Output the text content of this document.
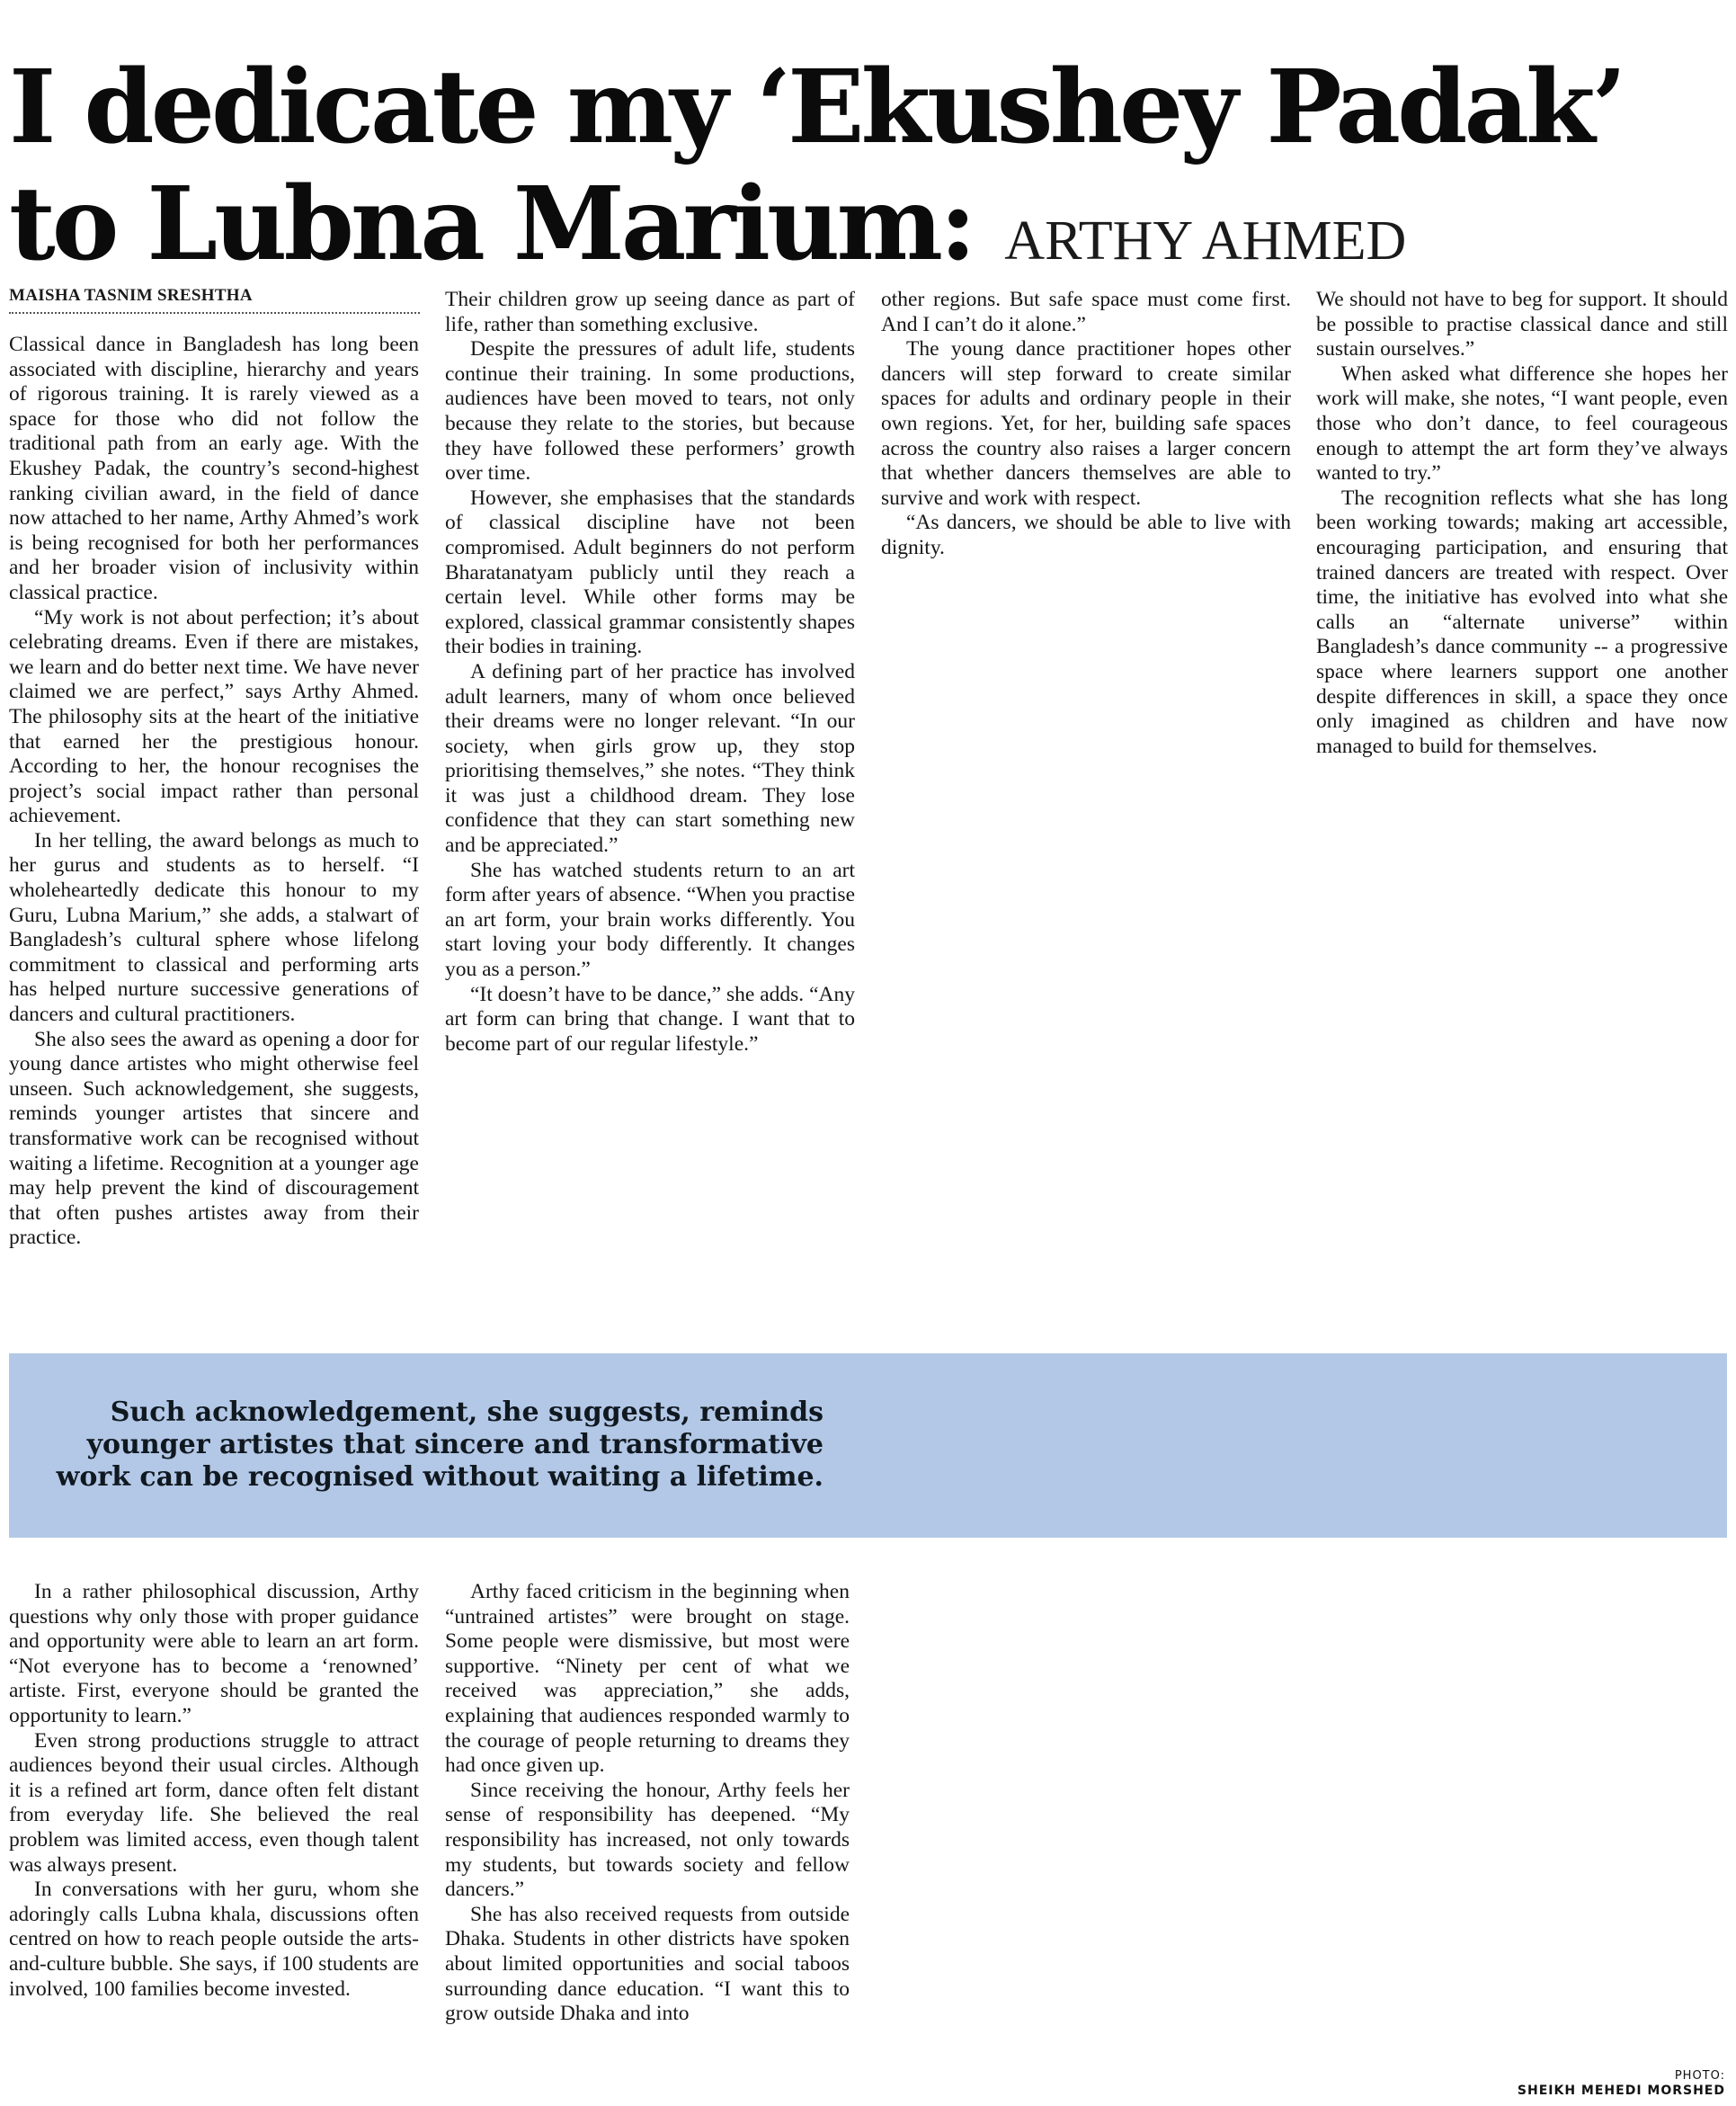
I dedicate my ‘Ekushey Padak’
to Lubna Marium: ARTHY AHMED
MAISHA TASNIM SRESHTHA

Classical dance in Bangladesh has long been associated with discipline, hierarchy and years of rigorous training. It is rarely viewed as a space for those who did not follow the traditional path from an early age. With the Ekushey Padak, the country’s second-highest ranking civilian award, in the field of dance now attached to her name, Arthy Ahmed’s work is being recognised for both her performances and her broader vision of inclusivity within classical practice.

“My work is not about perfection; it’s about celebrating dreams. Even if there are mistakes, we learn and do better next time. We have never claimed we are perfect,” says Arthy Ahmed. The philosophy sits at the heart of the initiative that earned her the prestigious honour. According to her, the honour recognises the project’s social impact rather than personal achievement.

In her telling, the award belongs as much to her gurus and students as to herself. “I wholeheartedly dedicate this honour to my Guru, Lubna Marium,” she adds, a stalwart of Bangladesh’s cultural sphere whose lifelong commitment to classical and performing arts has helped nurture successive generations of dancers and cultural practitioners.

She also sees the award as opening a door for young dance artistes who might otherwise feel unseen. Such acknowledgement, she suggests, reminds younger artistes that sincere and transformative work can be recognised without waiting a lifetime. Recognition at a younger age may help prevent the kind of discouragement that often pushes artistes away from their practice.

Their children grow up seeing dance as part of life, rather than something exclusive.

Despite the pressures of adult life, students continue their training. In some productions, audiences have been moved to tears, not only because they relate to the stories, but because they have followed these performers’ growth over time.

However, she emphasises that the standards of classical discipline have not been compromised. Adult beginners do not perform Bharatanatyam publicly until they reach a certain level. While other forms may be explored, classical grammar consistently shapes their bodies in training.

A defining part of her practice has involved adult learners, many of whom once believed their dreams were no longer relevant. “In our society, when girls grow up, they stop prioritising themselves,” she notes. “They think it was just a childhood dream. They lose confidence that they can start something new and be appreciated.”

She has watched students return to an art form after years of absence. “When you practise an art form, your brain works differently. You start loving your body differently. It changes you as a person.”

“It doesn’t have to be dance,” she adds. “Any art form can bring that change. I want that to become part of our regular lifestyle.”

other regions. But safe space must come first. And I can’t do it alone.”

The young dance practitioner hopes other dancers will step forward to create similar spaces for adults and ordinary people in their own regions. Yet, for her, building safe spaces across the country also raises a larger concern that whether dancers themselves are able to survive and work with respect.

“As dancers, we should be able to live with dignity.

We should not have to beg for support. It should be possible to practise classical dance and still sustain ourselves.”

When asked what difference she hopes her work will make, she notes, “I want people, even those who don’t dance, to feel courageous enough to attempt the art form they’ve always wanted to try.”

The recognition reflects what she has long been working towards; making art accessible, encouraging participation, and ensuring that trained dancers are treated with respect. Over time, the initiative has evolved into what she calls an “alternate universe” within Bangladesh’s dance community -- a progressive space where learners support one another despite differences in skill, a space they once only imagined as children and have now managed to build for themselves.

Such acknowledgement, she suggests, reminds younger artistes that sincere and transformative work can be recognised without waiting a lifetime.

In a rather philosophical discussion, Arthy questions why only those with proper guidance and opportunity were able to learn an art form. “Not everyone has to become a ‘renowned’ artiste. First, everyone should be granted the opportunity to learn.”

Even strong productions struggle to attract audiences beyond their usual circles. Although it is a refined art form, dance often felt distant from everyday life. She believed the real problem was limited access, even though talent was always present.

In conversations with her guru, whom she adoringly calls Lubna khala, discussions often centred on how to reach people outside the arts-and-culture bubble. She says, if 100 students are involved, 100 families become invested.

Arthy faced criticism in the beginning when “untrained artistes” were brought on stage. Some people were dismissive, but most were supportive. “Ninety per cent of what we received was appreciation,” she adds, explaining that audiences responded warmly to the courage of people returning to dreams they had once given up.

Since receiving the honour, Arthy feels her sense of responsibility has deepened. “My responsibility has increased, not only towards my students, but towards society and fellow dancers.”

She has also received requests from outside Dhaka. Students in other districts have spoken about limited opportunities and social taboos surrounding dance education. “I want this to grow outside Dhaka and into

PHOTO:
SHEIKH MEHEDI MORSHED
